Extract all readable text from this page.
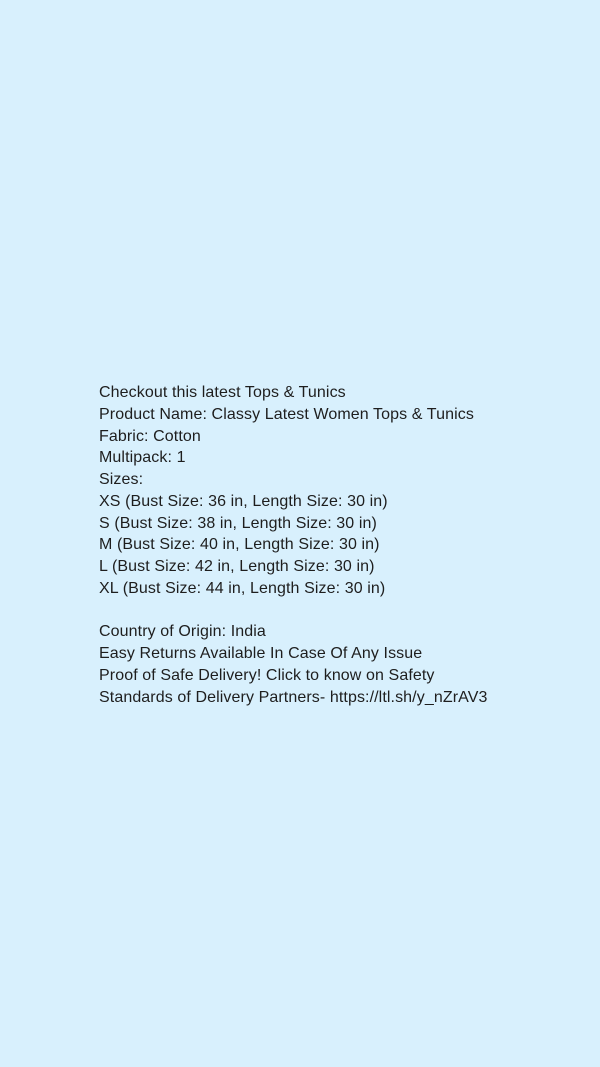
Checkout this latest Tops & Tunics
Product Name: Classy Latest Women Tops & Tunics
Fabric: Cotton
Multipack: 1
Sizes:
XS (Bust Size: 36 in, Length Size: 30 in)
S (Bust Size: 38 in, Length Size: 30 in)
M (Bust Size: 40 in, Length Size: 30 in)
L (Bust Size: 42 in, Length Size: 30 in)
XL (Bust Size: 44 in, Length Size: 30 in)
Country of Origin: India
Easy Returns Available In Case Of Any Issue
Proof of Safe Delivery! Click to know on Safety
Standards of Delivery Partners- https://ltl.sh/y_nZrAV3
